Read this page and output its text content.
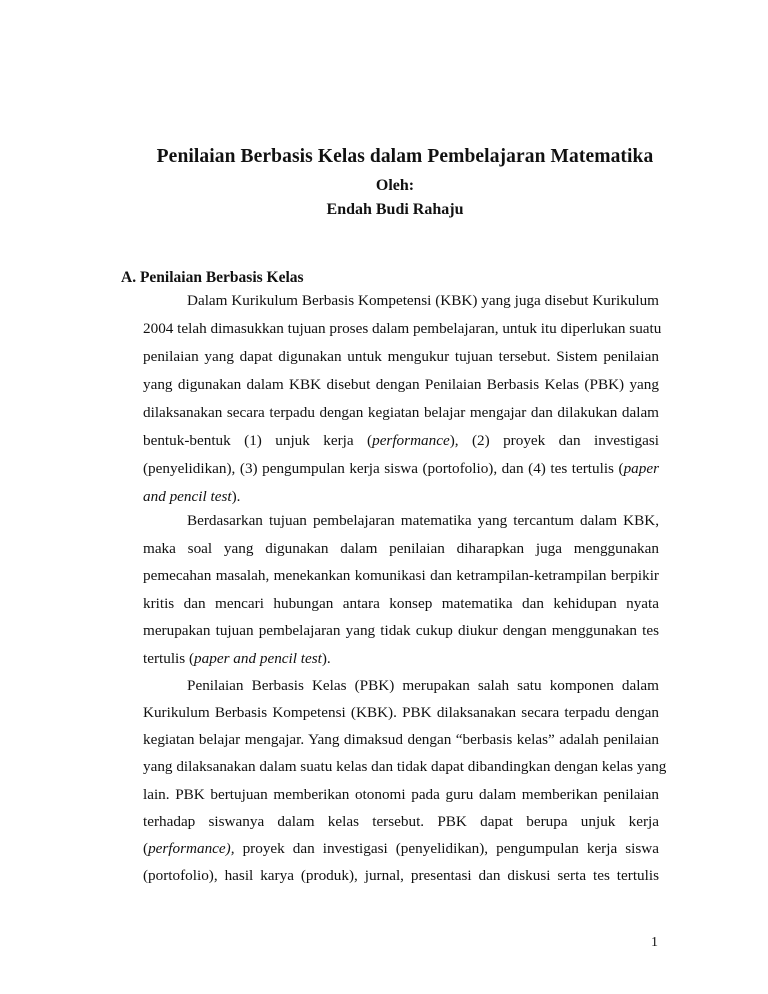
Penilaian Berbasis Kelas dalam Pembelajaran Matematika
Oleh:
Endah Budi Rahaju
A. Penilaian Berbasis Kelas
Dalam Kurikulum Berbasis Kompetensi (KBK) yang juga disebut Kurikulum
2004 telah dimasukkan tujuan proses dalam pembelajaran, untuk itu diperlukan suatu
penilaian yang dapat digunakan untuk mengukur tujuan tersebut. Sistem penilaian
yang digunakan dalam KBK disebut dengan Penilaian Berbasis Kelas (PBK) yang
dilaksanakan secara terpadu dengan kegiatan belajar mengajar dan dilakukan dalam
bentuk-bentuk (1) unjuk kerja (performance), (2) proyek dan investigasi
(penyelidikan), (3) pengumpulan kerja siswa (portofolio), dan (4) tes tertulis (paper
and pencil test).
Berdasarkan tujuan pembelajaran matematika yang tercantum dalam KBK,
maka soal yang digunakan dalam penilaian diharapkan juga menggunakan
pemecahan masalah, menekankan komunikasi dan ketrampilan-ketrampilan berpikir
kritis dan mencari hubungan antara konsep matematika dan kehidupan nyata
merupakan tujuan pembelajaran yang tidak cukup diukur dengan menggunakan tes
tertulis (paper and pencil test).
Penilaian Berbasis Kelas (PBK) merupakan salah satu komponen dalam
Kurikulum Berbasis Kompetensi (KBK). PBK dilaksanakan secara terpadu dengan
kegiatan belajar mengajar. Yang dimaksud dengan “berbasis kelas” adalah penilaian
yang dilaksanakan dalam suatu kelas dan tidak dapat dibandingkan dengan kelas yang
lain. PBK bertujuan memberikan otonomi pada guru dalam memberikan penilaian
terhadap siswanya dalam kelas tersebut. PBK dapat berupa unjuk kerja
(performance), proyek dan investigasi (penyelidikan), pengumpulan kerja siswa
(portofolio), hasil karya (produk), jurnal, presentasi dan diskusi serta tes tertulis
1
